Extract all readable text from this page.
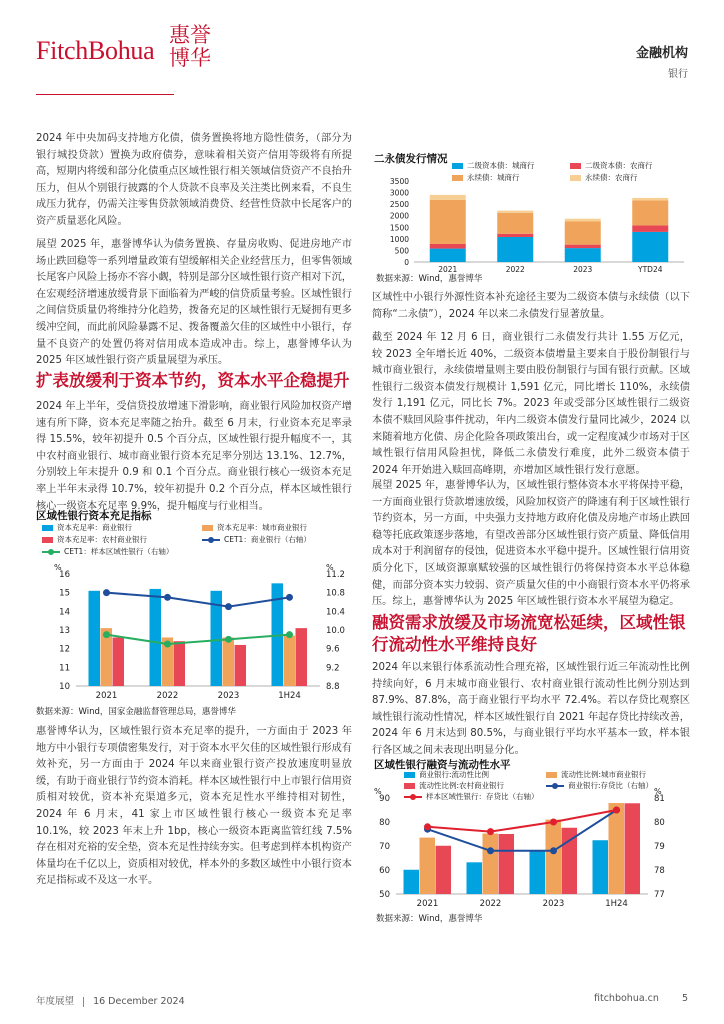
FitchBohua
惠誉
博华	金融机构
银行

2024 年中央加码支持地方化债，债务置换将地方隐性债务，（部分为银行城投贷款）置换为政府债券，意味着相关资产信用等级将有所提高，短期内将缓和部分化债重点区域性银行相关领域信贷资产不良抬升压力，但从个别银行披露的个人贷款不良率及关注类比例来看，不良生成压力犹存，仍需关注零售贷款领域消费贷、经营性贷款中长尾客户的资产质量恶化风险。

展望 2025 年，惠誉博华认为债务置换、存量房收购、促进房地产市场止跌回稳等一系列增量政策有望缓解相关企业经营压力，但零售领域长尾客户风险上扬亦不容小觑，特别是部分区域性银行资产相对下沉，在宏观经济增速放缓背景下面临着为严峻的信贷质量考验。区域性银行之间信贷质量仍将维持分化趋势，拨备充足的区域性银行无疑拥有更多缓冲空间，而此前风险暴露不足、拨备覆盖欠佳的区域性中小银行，存量不良资产的处置仍将对信用成本造成冲击。综上，惠誉博华认为 2025 年区域性银行资产质量展望为承压。

扩表放缓利于资本节约，资本水平企稳提升

2024 年上半年，受信贷投放增速下滑影响，商业银行风险加权资产增速有所下降，资本充足率随之抬升。截至 6 月末，行业资本充足率录得 15.5%，较年初提升 0.5 个百分点，区域性银行提升幅度不一，其中农村商业银行、城市商业银行资本充足率分别达 13.1%、12.7%，分别较上年末提升 0.9 和 0.1 个百分点。商业银行核心一级资本充足率上半年末录得 10.7%，较年初提升 0.2 个百分点，样本区域性银行核心一级资本充足率 9.9%，提升幅度与行业相当。

区域性银行资本充足指标
资本充足率：商业银行	资本充足率：城市商业银行
资本充足率：农村商业银行	CET1：商业银行（右轴）
CET1：样本区域性银行（右轴）
%	%
16
15
14
13
12
11
10
11.2
10.8
10.4
10.0
9.6
9.2
8.8
2021	2022	2023	1H24
数据来源：Wind，国家金融监督管理总局，惠誉博华

惠誉博华认为，区域性银行资本充足率的提升，一方面由于 2023 年地方中小银行专项债密集发行，对于资本水平欠佳的区域性银行形成有效补充，另一方面由于 2024 年以来商业银行资产投放速度明显放缓，有助于商业银行节约资本消耗。样本区域性银行中上市银行信用资质相对较优，资本补充渠道多元，资本充足性水平维持相对韧性，2024 年 6 月末，41 家上市区域性银行核心一级资本充足率 10.1%，较 2023 年末上升 1bp，核心一级资本距离监管红线 7.5%存在相对充裕的安全垫，资本充足性持续夯实。但考虑到样本机构资产体量均在千亿以上，资质相对较优，样本外的多数区域性中小银行资本充足指标或不及这一水平。

二永债发行情况
二级资本债：城商行	二级资本债：农商行
永续债：城商行	永续债：农商行
3500
3000
2500
2000
1500
1000
500
0
2021	2022	2023	YTD24
数据来源：Wind，惠誉博华

区域性中小银行外源性资本补充途径主要为二级资本债与永续债（以下简称“二永债”），2024 年以来二永债发行显著放量。

截至 2024 年 12 月 6 日，商业银行二永债发行共计 1.55 万亿元，较 2023 全年增长近 40%，二级资本债增量主要来自于股份制银行与城市商业银行，永续债增量则主要由股份制银行与国有银行贡献。区域性银行二级资本债发行规模计 1,591 亿元，同比增长 110%，永续债发行 1,191 亿元，同比长 7%。2023 年或受部分区域性银行二级资本债不赎回风险事件扰动，年内二级资本债发行量同比减少，2024 以来随着地方化债、房企化险各项政策出台，或一定程度减少市场对于区域性银行信用风险担忧，降低二永债发行难度，此外二级资本债于 2024 年开始进入赎回高峰期，亦增加区域性银行发行意愿。

展望 2025 年，惠誉博华认为，区域性银行整体资本水平将保持平稳，一方面商业银行贷款增速放缓，风险加权资产的降速有利于区域性银行节约资本，另一方面，中央强力支持地方政府化债及房地产市场止跌回稳等托底政策逐步落地，有望改善部分区域性银行资产质量、降低信用成本对于利润留存的侵蚀，促进资本水平稳中提升。区域性银行信用资质分化下，区域资源禀赋较强的区域性银行仍将保持资本水平总体稳健，而部分资本实力较弱、资产质量欠佳的中小商银行资本水平仍将承压。综上，惠誉博华认为 2025 年区域性银行资本水平展望为稳定。

融资需求放缓及市场流宽松延续，区域性银行流动性水平维持良好

2024 年以来银行体系流动性合理充裕，区域性银行近三年流动性比例持续向好，6 月末城市商业银行、农村商业银行流动性比例分别达到 87.9%、87.8%，高于商业银行平均水平 72.4%。若以存贷比观察区域性银行流动性情况，样本区域性银行自 2021 年起存贷比持续改善，2024 年 6 月末达到 80.5%，与商业银行平均水平基本一致，样本银行各区域之间未表现出明显分化。

区域性银行融资与流动性水平
商业银行:流动性比例	流动性比例:城市商业银行
流动性比例:农村商业银行	商业银行:存贷比（右轴）
样本区域性银行：存贷比（右轴）
%	%
90
80
70
60
50
81
80
79
78
77
2021	2022	2023	1H24
数据来源：Wind，惠誉博华
年度展望 16 December 2024	fitchbohua.cn 5
